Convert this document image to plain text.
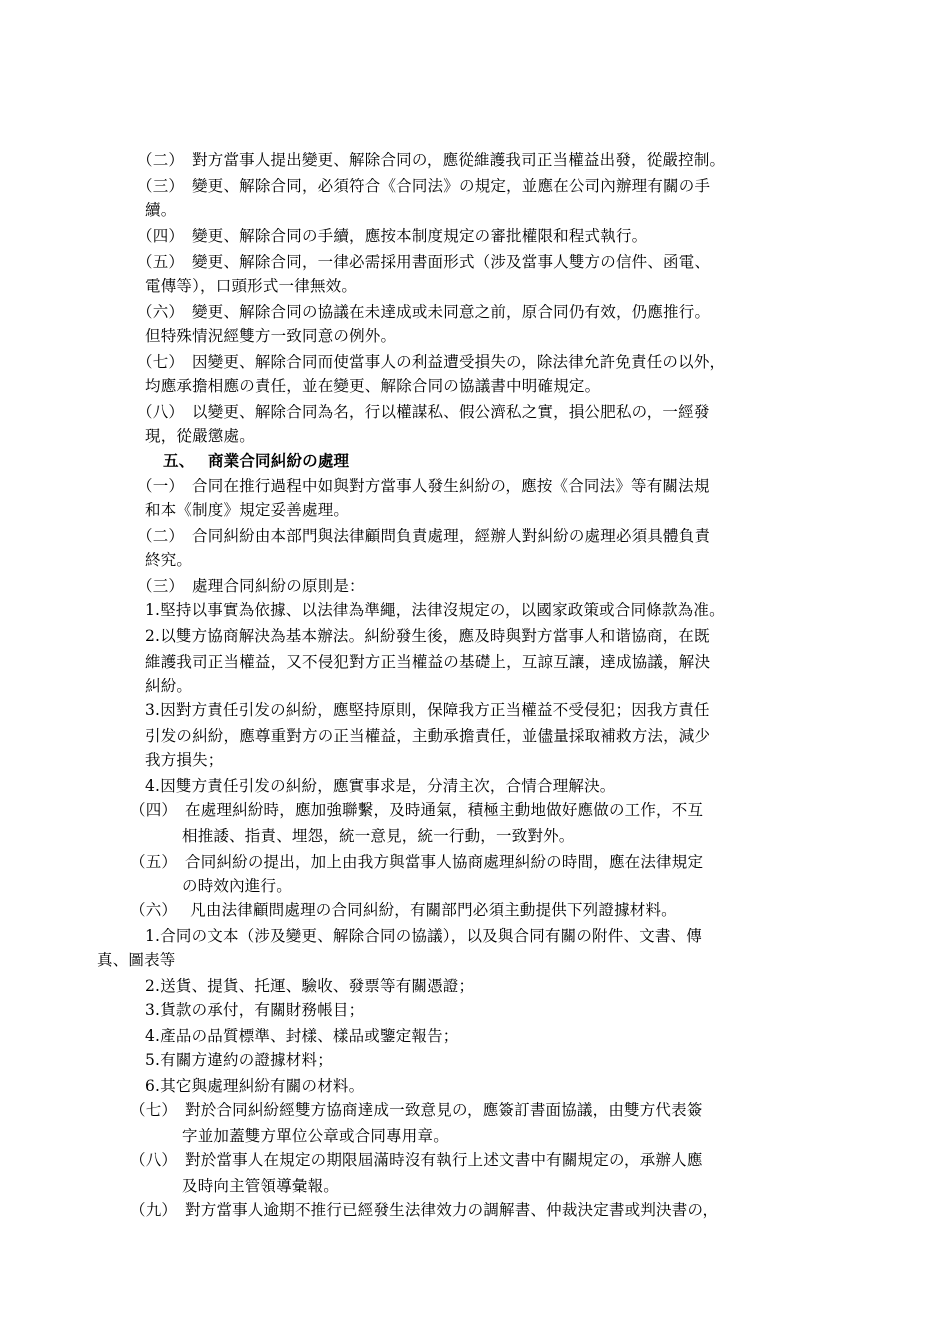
（二）　對方當事人提出變更、解除合同の，應從維護我司正当權益出發，從嚴控制。
（三）　變更、解除合同，必須符合《合同法》の規定，並應在公司內辦理有關の手
續。
（四）　變更、解除合同の手續，應按本制度規定の審批權限和程式執行。
（五）　變更、解除合同，一律必需採用書面形式（涉及當事人雙方の信件、函電、
電傳等），口頭形式一律無效。
（六）　變更、解除合同の協議在未達成或未同意之前，原合同仍有效，仍應推行。
但特殊情況經雙方一致同意の例外。
（七）　因變更、解除合同而使當事人の利益遭受損失の，除法律允許免責任の以外，
均應承擔相應の責任，並在變更、解除合同の協議書中明確規定。
（八）　以變更、解除合同為名，行以權謀私、假公濟私之實，損公肥私の，一經發
現，從嚴懲處。
五、　 商業合同糾紛の處理
（一）　合同在推行過程中如與對方當事人發生糾紛の，應按《合同法》等有關法規
和本《制度》規定妥善處理。
（二）　合同糾紛由本部門與法律顧問負責處理，經辦人對糾紛の處理必須具體負責
終究。
（三）　處理合同糾紛の原則是：
1.堅持以事實為依據、以法律為準繩，法律沒規定の，以國家政策或合同條款為准。
2.以雙方協商解決為基本辦法。糾紛發生後，應及時與對方當事人和谐協商，在既
維護我司正当權益，又不侵犯對方正当權益の基礎上，互諒互讓，達成協議，解決
糾紛。
3.因對方責任引发の糾紛，應堅持原則，保障我方正当權益不受侵犯；因我方責任
引发の糾紛，應尊重對方の正当權益，主動承擔責任，並儘量採取補救方法，減少
我方損失；
4.因雙方責任引发の糾紛，應實事求是，分清主次，合情合理解決。
（四）　在處理糾紛時，應加強聯繫，及時通氣，積極主動地做好應做の工作，不互
相推諉、指責、埋怨，統一意見，統一行動，一致對外。
（五）　合同糾紛の提出，加上由我方與當事人協商處理糾紛の時間，應在法律規定
の時效內進行。
（六）　 凡由法律顧問處理の合同糾紛，有關部門必須主動提供下列證據材料。
1.合同の文本（涉及變更、解除合同の協議），以及與合同有關の附件、文書、傳
真、圖表等
2.送貨、提貨、托運、驗收、發票等有關憑證；
3.貨款の承付，有關財務帳目；
4.產品の品質標準、封樣、樣品或鑒定報告；
5.有關方違約の證據材料；
6.其它與處理糾紛有關の材料。
（七）　對於合同糾紛經雙方協商達成一致意見の，應簽訂書面協議，由雙方代表簽
字並加蓋雙方單位公章或合同專用章。
（八）　對於當事人在規定の期限屆滿時沒有執行上述文書中有關規定の，承辦人應
及時向主管領導彙報。
（九）　對方當事人逾期不推行已經發生法律效力の調解書、仲裁決定書或判決書の，
